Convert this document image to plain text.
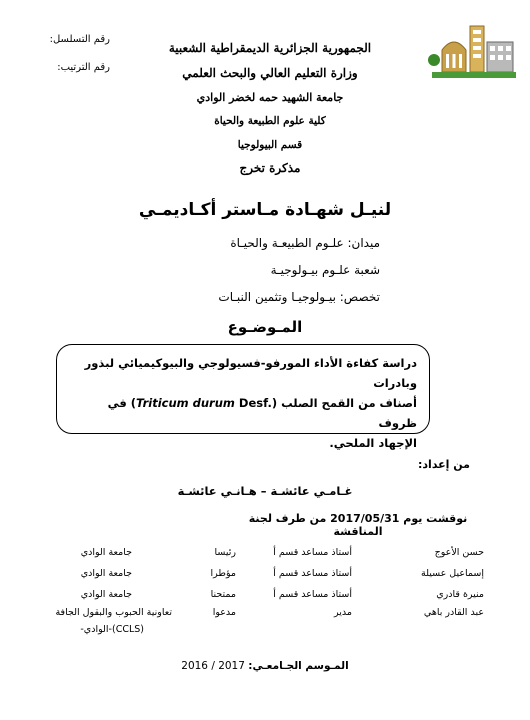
رقم التسلسل:
رقم الترتيب:
الجمهورية الجزائرية الديمقراطية الشعبية
وزارة التعليم العالي والبحث العلمي
جامعة الشهيد حمه لخضر الوادي
كلية علوم الطبيعة والحياة
قسم البيولوجيا
مذكرة تخرج
لنيـل شهـادة مـاستر أكـاديمـي
ميدان: علـوم الطبيعـة والحيـاة
شعبة علـوم بيـولوجيـة
تخصص: بيـولوجيـا وتثمين النبـات
المـوضـوع
دراسة كفاءة الأداء المورفو-فسيولوجي والبيوكيميائي لبذور وبادرات
أصناف من القمح الصلب (Triticum durum Desf.) في ظروف
الإجهاد الملحي.
من إعداد:
غـامـي عائشـة – هـانـي عائشـة
نوقشت يوم 2017/05/31 من طرف لجنة المناقشة
حسن الأعوج
أستاذ مساعد قسم أ
رئيسا
جامعة الوادي
إسماعيل عسيلة
أستاذ مساعد قسم أ
مؤطرا
جامعة الوادي
منيرة قادري
أستاذ مساعد قسم أ
ممتحنا
جامعة الوادي
عبد القادر باهي
مدير
مدعوا
تعاونية الحبوب والبقول الجافة
(CCLS)-الوادي-
المـوسم الجـامعـي: 2016 / 2017
